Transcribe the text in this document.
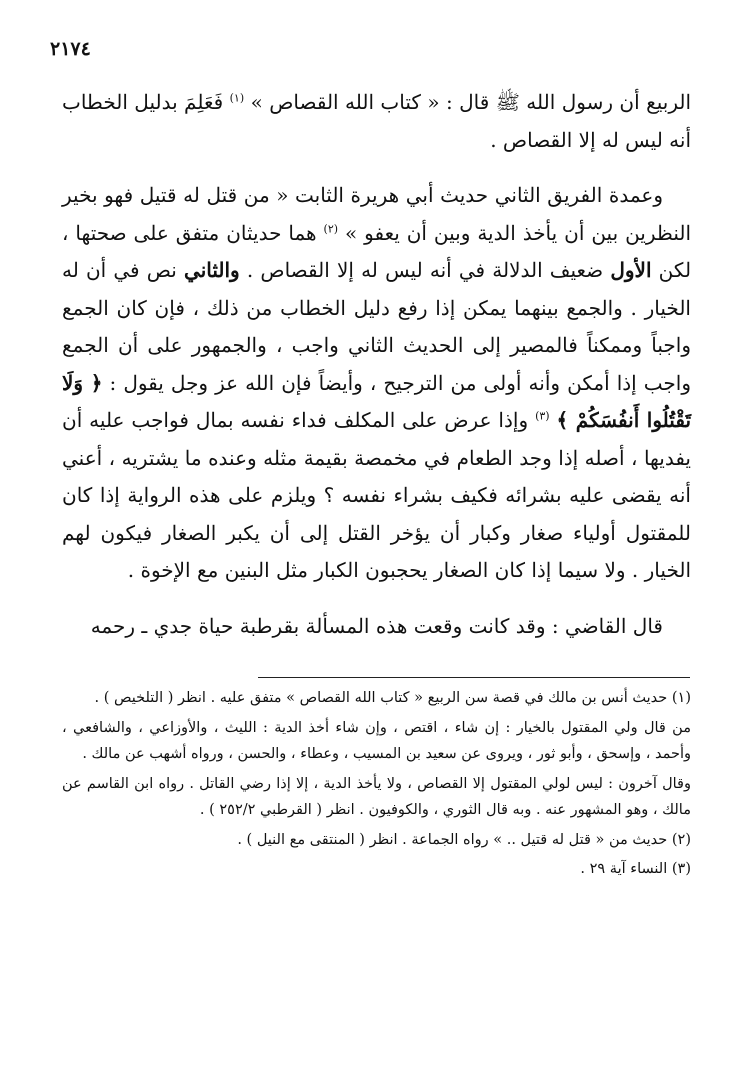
٢١٧٤

الربيع أن رسول الله ﷺ قال : « كتاب الله القصاص » $^{(١)}$ فَعَلِمَ بدليل الخطاب أنه ليس له إلا القصاص .

وعمدة الفريق الثاني حديث أبي هريرة الثابت « من قتل له قتيل فهو بخير النظرين بين أن يأخذ الدية وبين أن يعفو » $^{(٢)}$ هما حديثان متفق على صحتها ، لكن الأول ضعيف الدلالة في أنه ليس له إلا القصاص . والثاني نص في أن له الخيار . والجمع بينهما يمكن إذا رفع دليل الخطاب من ذلك ، فإن كان الجمع واجباً وممكناً فالمصير إلى الحديث الثاني واجب ، والجمهور على أن الجمع واجب إذا أمكن وأنه أولى من الترجيح ، وأيضاً فإن الله عز وجل يقول : ﴿ وَلَا تَقْتُلُوا أَنفُسَكُمْ ﴾ $^{(٣)}$ وإذا عرض على المكلف فداء نفسه بمال فواجب عليه أن يفديها ، أصله إذا وجد الطعام في مخمصة بقيمة مثله وعنده ما يشتريه ، أعني أنه يقضى عليه بشرائه فكيف بشراء نفسه ؟ ويلزم على هذه الرواية إذا كان للمقتول أولياء صغار وكبار أن يؤخر القتل إلى أن يكبر الصغار فيكون لهم الخيار . ولا سيما إذا كان الصغار يحجبون الكبار مثل البنين مع الإخوة .

قال القاضي : وقد كانت وقعت هذه المسألة بقرطبة حياة جدي ـ رحمه

(١) حديث أنس بن مالك في قصة سن الربيع « كتاب الله القصاص » متفق عليه . انظر ( التلخيص ) .

من قال ولي المقتول بالخيار : إن شاء ، اقتص ، وإن شاء أخذ الدية : الليث ، والأوزاعي ، والشافعي ، وأحمد ، وإسحق ، وأبو ثور ، ويروى عن سعيد بن المسيب ، وعطاء ، والحسن ، ورواه أشهب عن مالك .

وقال آخرون : ليس لولي المقتول إلا القصاص ، ولا يأخذ الدية ، إلا إذا رضي القاتل . رواه ابن القاسم عن مالك ، وهو المشهور عنه . وبه قال الثوري ، والكوفيون . انظر ( القرطبي ٢٥٢/٢ ) .

(٢) حديث من « قتل له قتيل .. » رواه الجماعة . انظر ( المنتقى مع النيل ) .

(٣) النساء آية ٢٩ .
